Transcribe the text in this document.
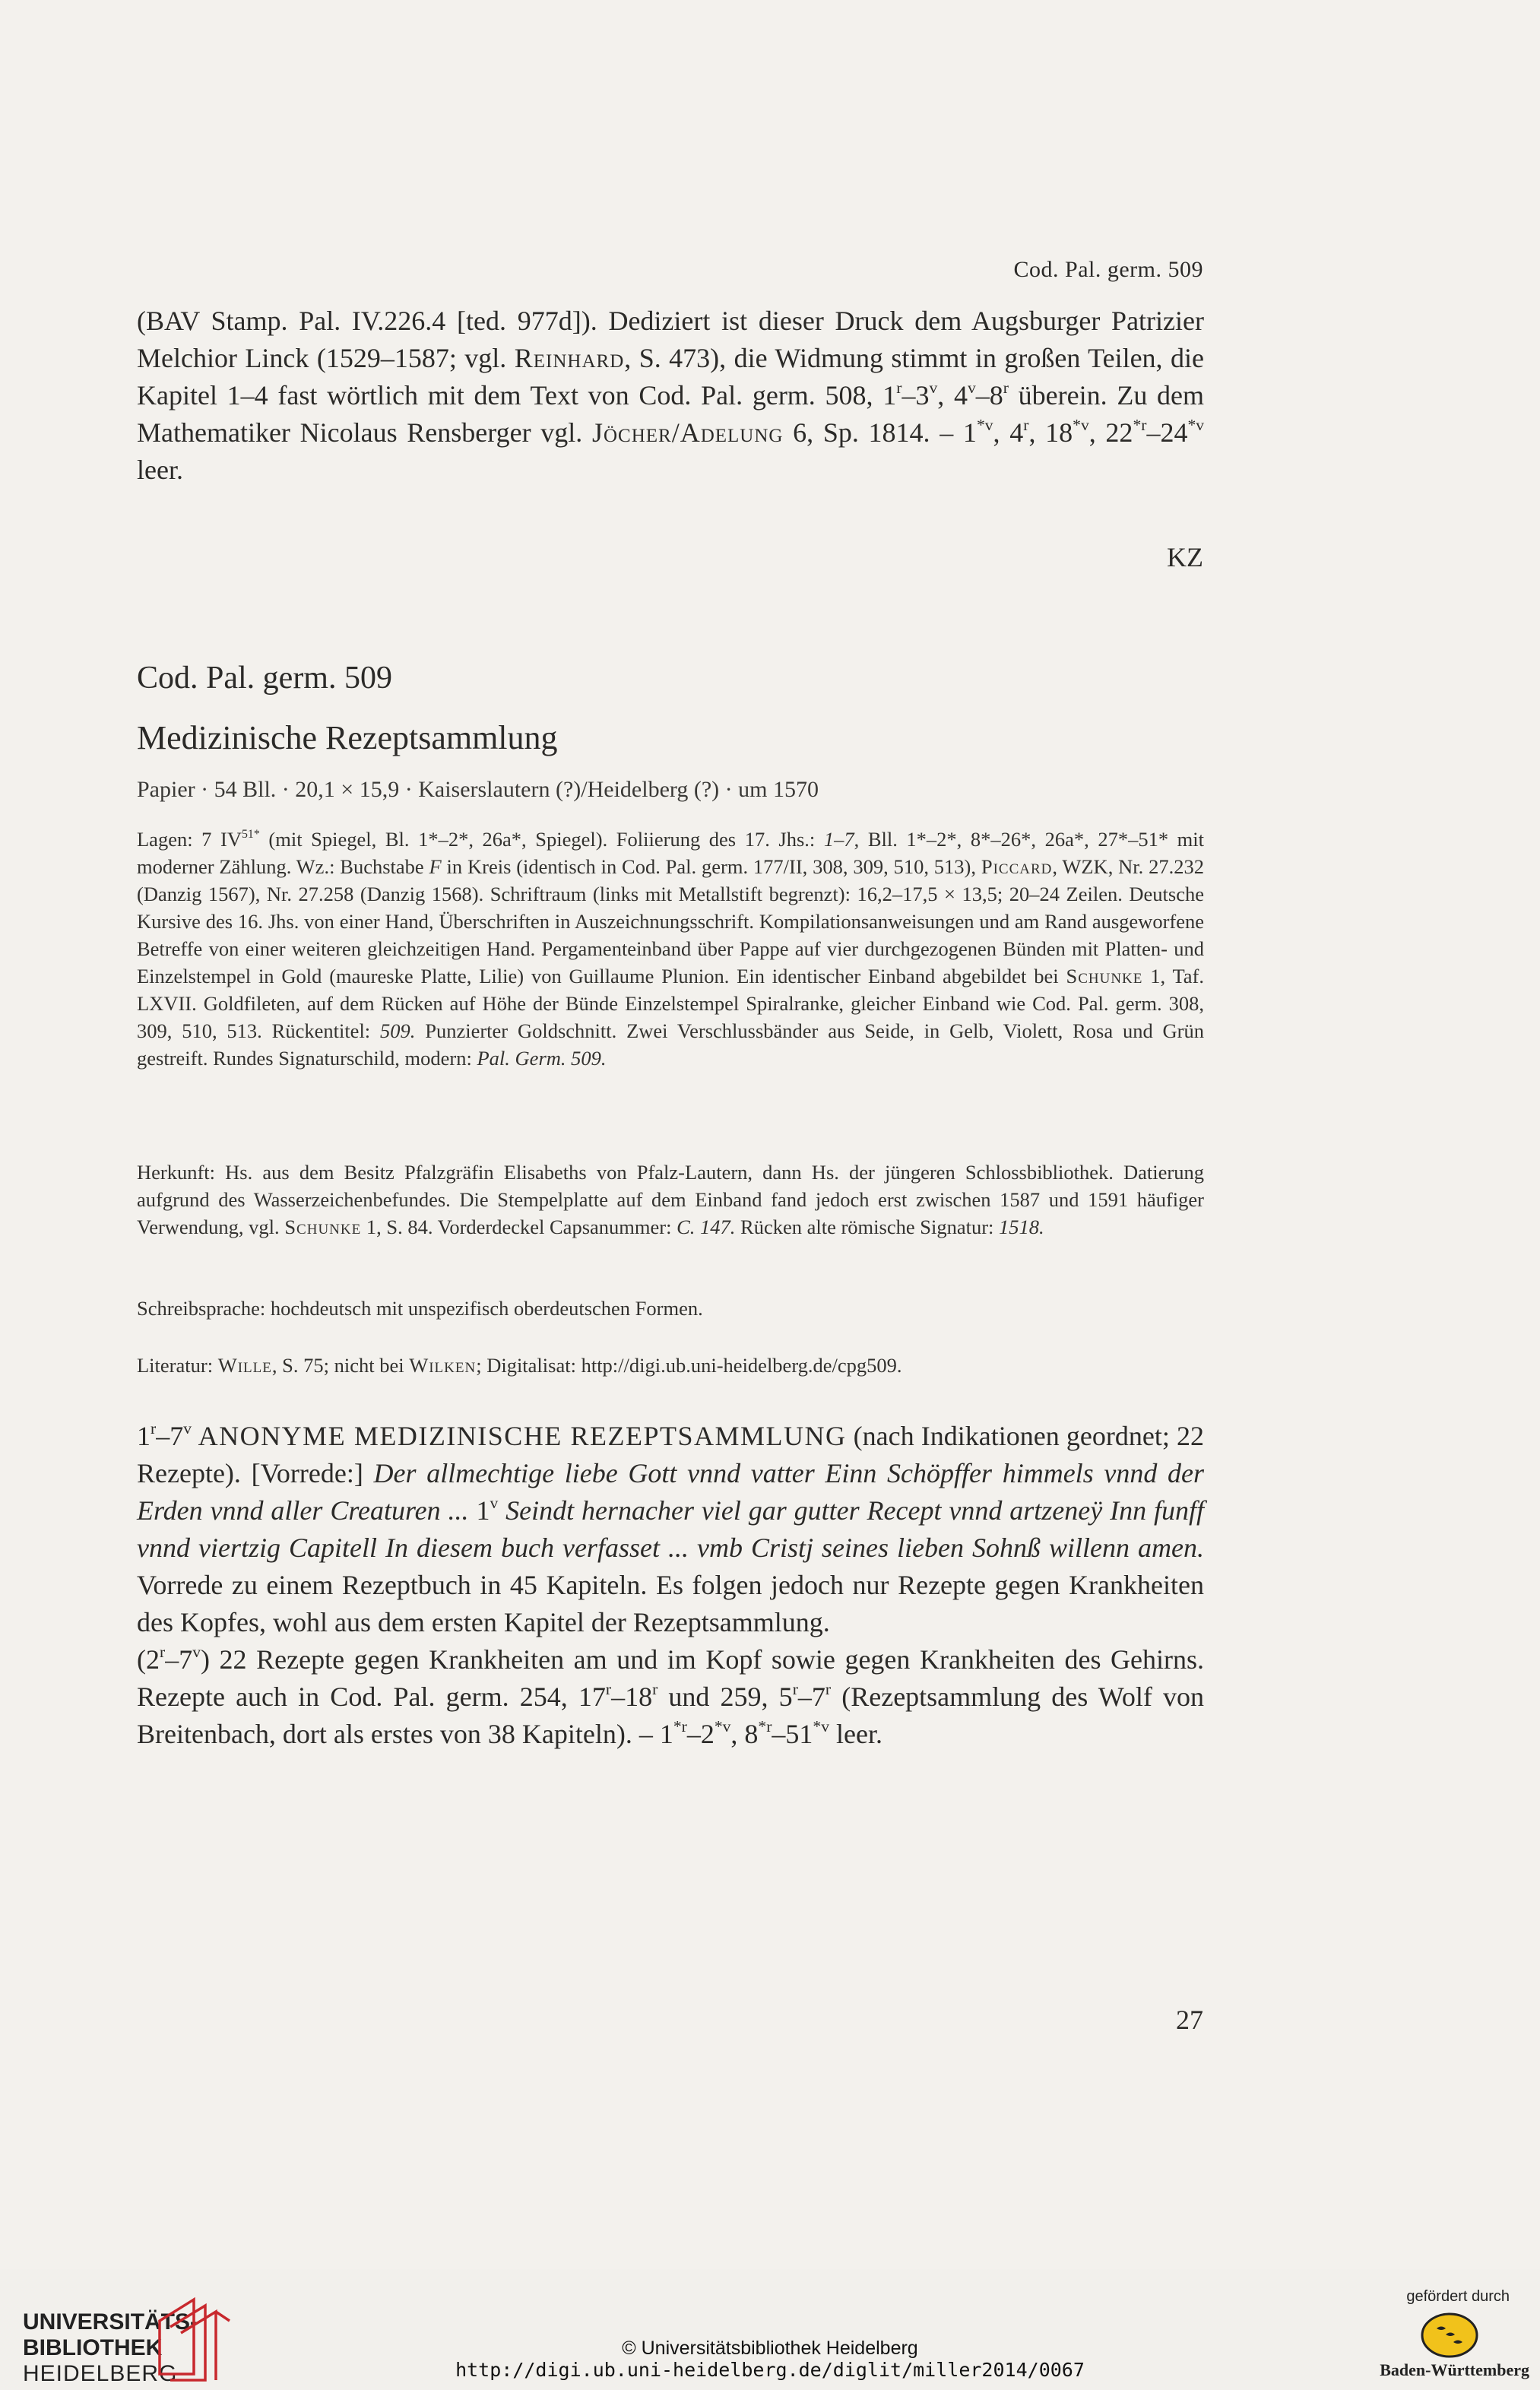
Cod. Pal. germ. 509

(BAV Stamp. Pal. IV.226.4 [ted. 977d]). Dediziert ist dieser Druck dem Augsburger Patrizier Melchior Linck (1529–1587; vgl. Reinhard, S. 473), die Widmung stimmt in großen Teilen, die Kapitel 1–4 fast wörtlich mit dem Text von Cod. Pal. germ. 508, 1$^r$–3$^v$, 4$^v$–8$^r$ überein. Zu dem Mathematiker Nicolaus Rensberger vgl. Jöcher/Adelung 6, Sp. 1814. – 1$^{*v}$, 4$^r$, 18$^{*v}$, 22$^{*r}$–24$^{*v}$ leer.

KZ
Cod. Pal. germ. 509
Medizinische Rezeptsammlung
Papier · 54 Bll. · 20,1 × 15,9 · Kaiserslautern (?)/Heidelberg (?) · um 1570

Lagen: 7 $IV^{51*}$ (mit Spiegel, Bl. 1*–2*, 26a*, Spiegel). Foliierung des 17. Jhs.: 1–7, Bll. 1*–2*, 8*–26*, 26a*, 27*–51* mit moderner Zählung. Wz.: Buchstabe F in Kreis (identisch in Cod. Pal. germ. 177/II, 308, 309, 510, 513), Piccard, WZK, Nr. 27.232 (Danzig 1567), Nr. 27.258 (Danzig 1568). Schriftraum (links mit Metallstift begrenzt): 16,2–17,5 × 13,5; 20–24 Zeilen. Deutsche Kursive des 16. Jhs. von einer Hand, Überschriften in Auszeichnungsschrift. Kompilationsanweisungen und am Rand ausgeworfene Betreffe von einer weiteren gleichzeitigen Hand. Pergamenteinband über Pappe auf vier durchgezogenen Bünden mit Platten- und Einzelstempel in Gold (maureske Platte, Lilie) von Guillaume Plunion. Ein identischer Einband abgebildet bei Schunke 1, Taf. LXVII. Goldfileten, auf dem Rücken auf Höhe der Bünde Einzelstempel Spiralranke, gleicher Einband wie Cod. Pal. germ. 308, 309, 510, 513. Rückentitel: 509. Punzierter Goldschnitt. Zwei Verschlussbänder aus Seide, in Gelb, Violett, Rosa und Grün gestreift. Rundes Signaturschild, modern: Pal. Germ. 509.

Herkunft: Hs. aus dem Besitz Pfalzgräfin Elisabeths von Pfalz-Lautern, dann Hs. der jüngeren Schlossbibliothek. Datierung aufgrund des Wasserzeichenbefundes. Die Stempelplatte auf dem Einband fand jedoch erst zwischen 1587 und 1591 häufiger Verwendung, vgl. Schunke 1, S. 84. Vorderdeckel Capsanummer: C. 147. Rücken alte römische Signatur: 1518.

Schreibsprache: hochdeutsch mit unspezifisch oberdeutschen Formen.

Literatur: Wille, S. 75; nicht bei Wilken; Digitalisat: http://digi.ub.uni-heidelberg.de/cpg509.

1$^r$–7$^v$ ANONYME MEDIZINISCHE REZEPTSAMMLUNG (nach Indikationen geordnet; 22 Rezepte). [Vorrede:] Der allmechtige liebe Gott vnnd vatter Einn Schöpffer himmels vnnd der Erden vnnd aller Creaturen ... 1$^v$ Seindt hernacher viel gar gutter Recept vnnd artzeneÿ Inn funff vnnd viertzig Capitell In diesem buch verfasset ... vmb Cristj seines lieben Sohnß willenn amen. Vorrede zu einem Rezeptbuch in 45 Kapiteln. Es folgen jedoch nur Rezepte gegen Krankheiten des Kopfes, wohl aus dem ersten Kapitel der Rezeptsammlung.

(2$^r$–7$^v$) 22 Rezepte gegen Krankheiten am und im Kopf sowie gegen Krankheiten des Gehirns. Rezepte auch in Cod. Pal. germ. 254, 17$^r$–18$^r$ und 259, 5$^r$–7$^r$ (Rezeptsammlung des Wolf von Breitenbach, dort als erstes von 38 Kapiteln). – 1$^{*r}$–2$^{*v}$, 8$^{*r}$–51$^{*v}$ leer.

27
UNIVERSITÄTS-
BIBLIOTHEK
HEIDELBERG
© Universitätsbibliothek Heidelberg
http://digi.ub.uni-heidelberg.de/diglit/miller2014/0067
gefördert durch
Baden-Württemberg
